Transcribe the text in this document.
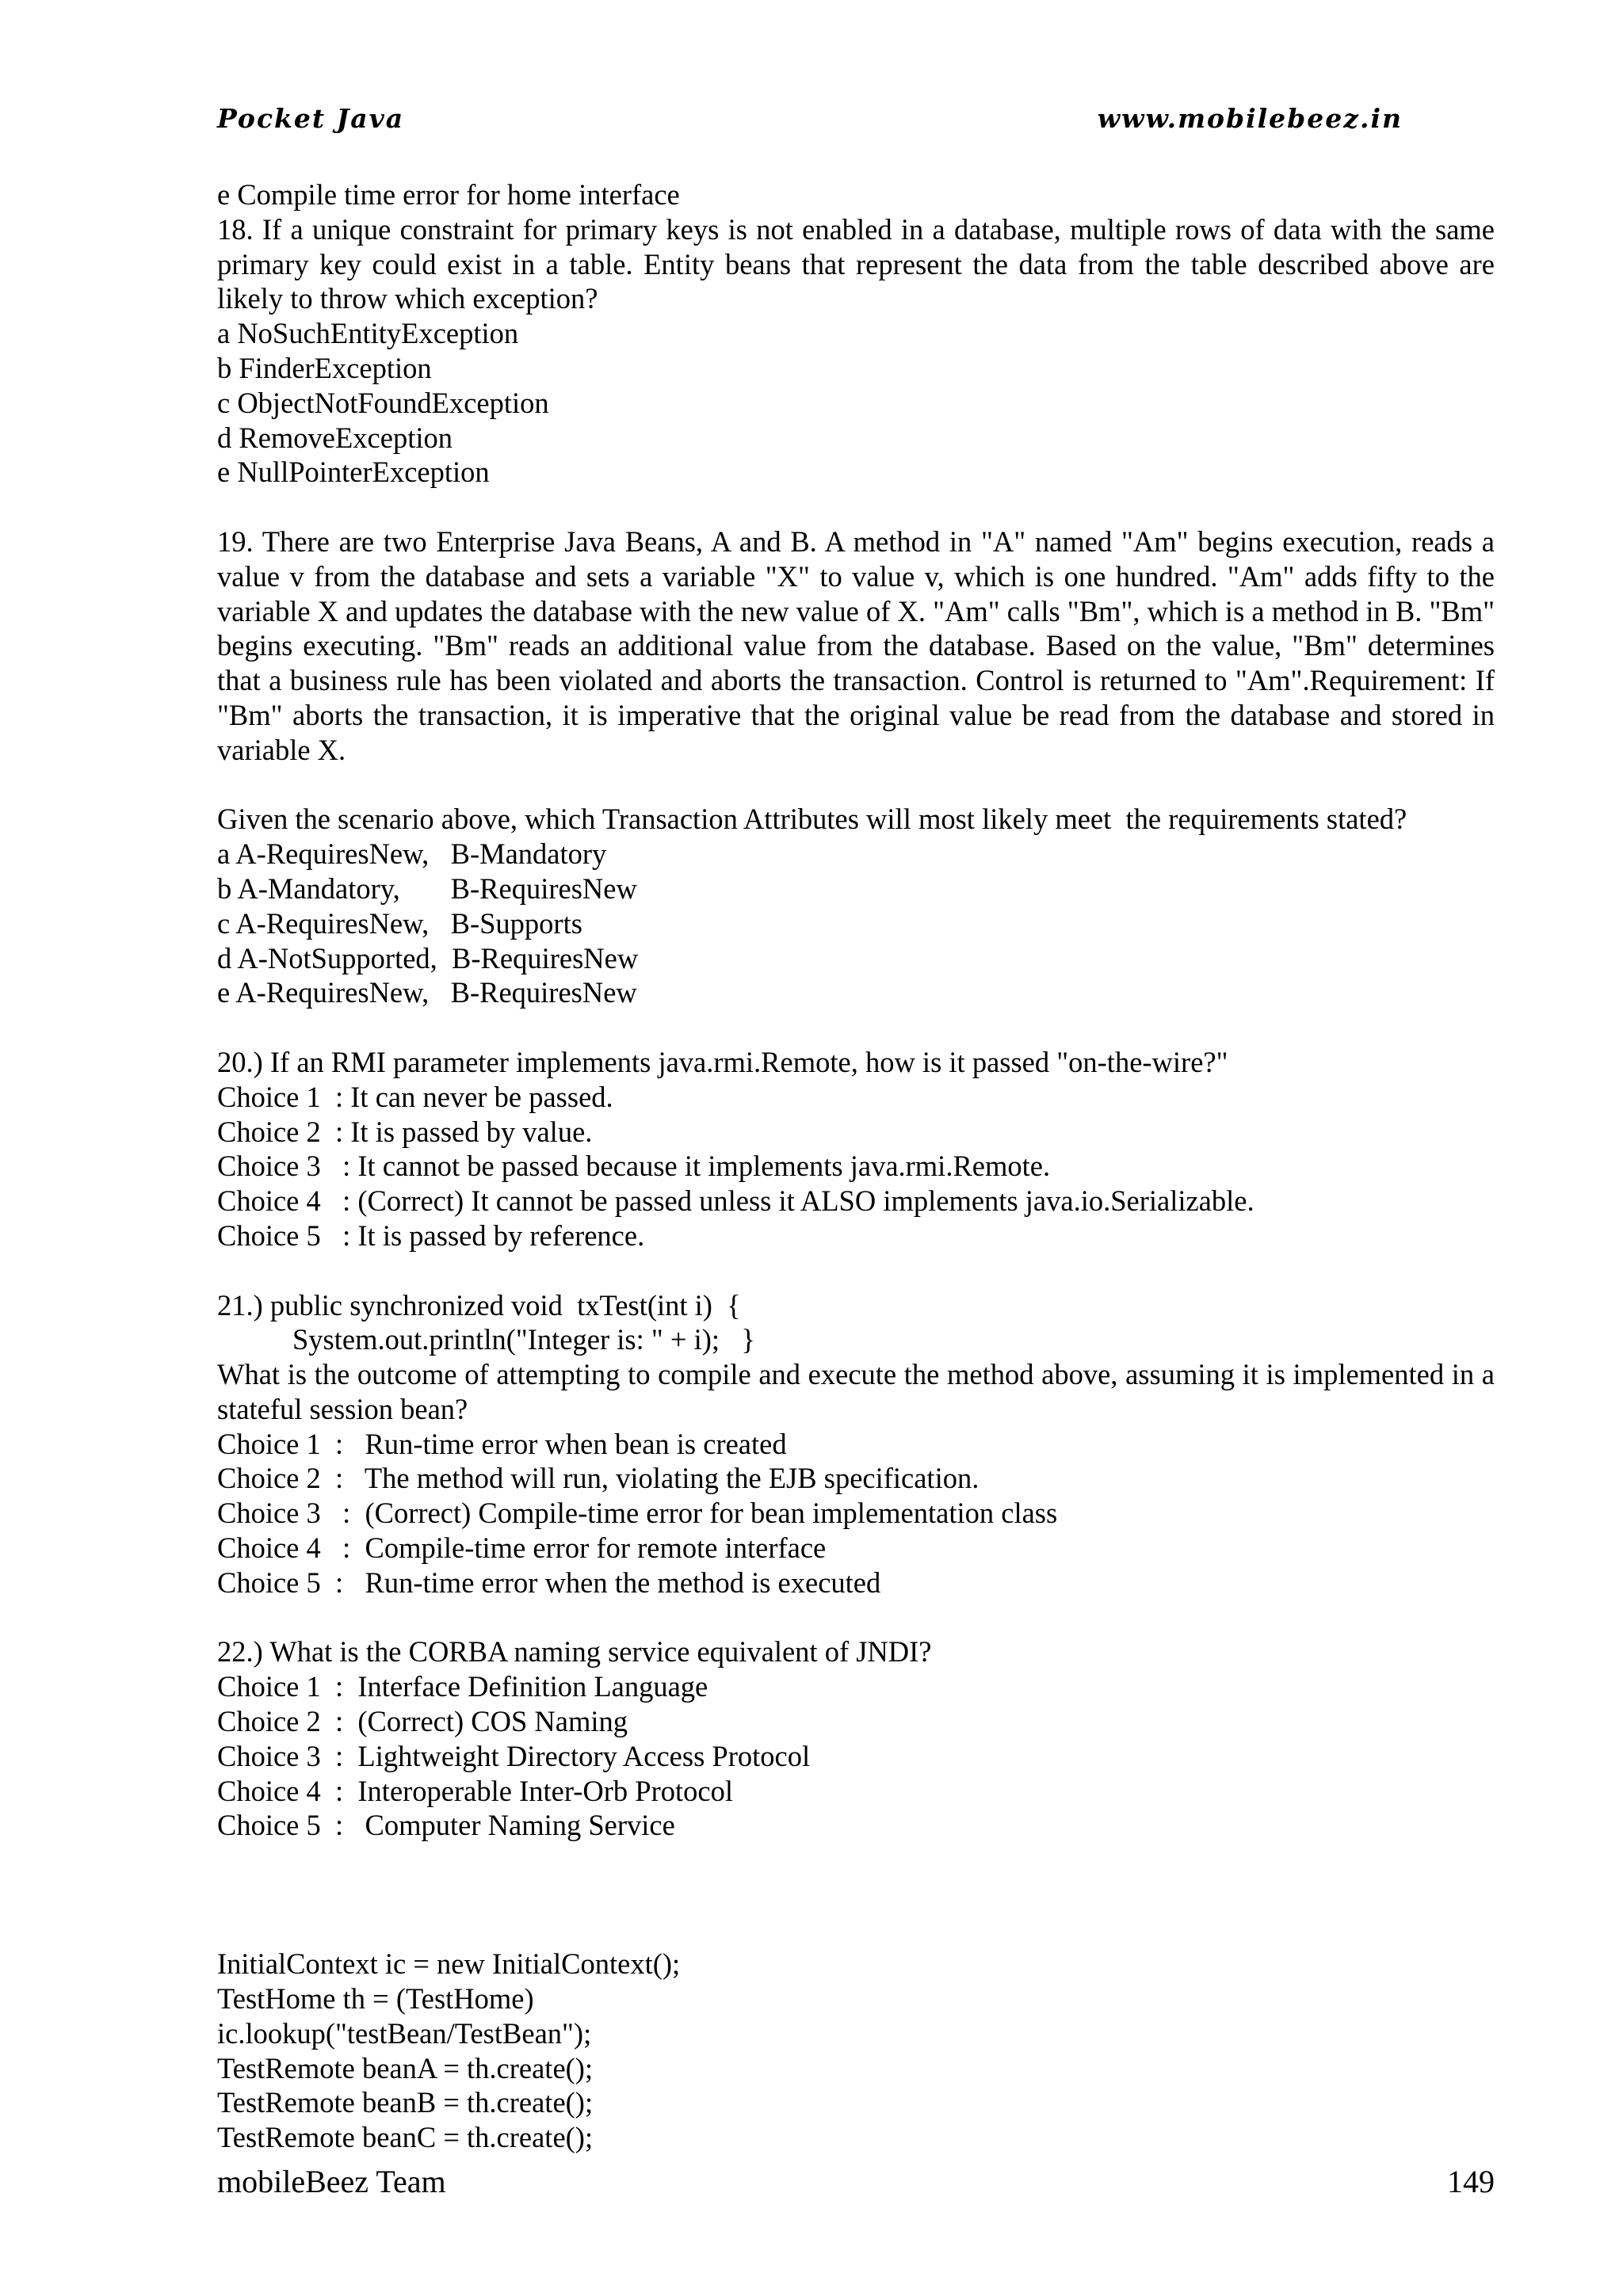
Pocket Java	www.mobilebeez.in
e Compile time error for home interface
18. If a unique constraint for primary keys is not enabled in a database, multiple rows of data with the same primary key could exist in a table. Entity beans that represent the data from the table described above are likely to throw which exception?
a NoSuchEntityException
b FinderException
c ObjectNotFoundException
d RemoveException
e NullPointerException
19. There are two Enterprise Java Beans, A and B. A method in "A" named "Am" begins execution, reads a value v from the database and sets a variable "X" to value v, which is one hundred. "Am" adds fifty to the variable X and updates the database with the new value of X. "Am" calls "Bm", which is a method in B. "Bm" begins executing. "Bm" reads an additional value from the database. Based on the value, "Bm" determines that a business rule has been violated and aborts the transaction. Control is returned to "Am".Requirement: If "Bm" aborts the transaction, it is imperative that the original value be read from the database and stored in variable X.
Given the scenario above, which Transaction Attributes will most likely meet  the requirements stated?
a A-RequiresNew,   B-Mandatory
b A-Mandatory,       B-RequiresNew
c A-RequiresNew,   B-Supports
d A-NotSupported,  B-RequiresNew
e A-RequiresNew,   B-RequiresNew
20.) If an RMI parameter implements java.rmi.Remote, how is it passed "on-the-wire?"
Choice 1  : It can never be passed.
Choice 2  : It is passed by value.
Choice 3   : It cannot be passed because it implements java.rmi.Remote.
Choice 4   : (Correct) It cannot be passed unless it ALSO implements java.io.Serializable.
Choice 5   : It is passed by reference.
21.) public synchronized void  txTest(int i)  {
System.out.println("Integer is: " + i);   }
What is the outcome of attempting to compile and execute the method above, assuming it is implemented in a stateful session bean?
Choice 1  :   Run-time error when bean is created
Choice 2  :   The method will run, violating the EJB specification.
Choice 3   :  (Correct) Compile-time error for bean implementation class
Choice 4   :  Compile-time error for remote interface
Choice 5  :   Run-time error when the method is executed
22.) What is the CORBA naming service equivalent of JNDI?
Choice 1  :  Interface Definition Language
Choice 2  :  (Correct) COS Naming
Choice 3  :  Lightweight Directory Access Protocol
Choice 4  :  Interoperable Inter-Orb Protocol
Choice 5  :   Computer Naming Service
InitialContext ic = new InitialContext();
TestHome th = (TestHome)
ic.lookup("testBean/TestBean");
TestRemote beanA = th.create();
TestRemote beanB = th.create();
TestRemote beanC = th.create();
mobileBeez Team	149
